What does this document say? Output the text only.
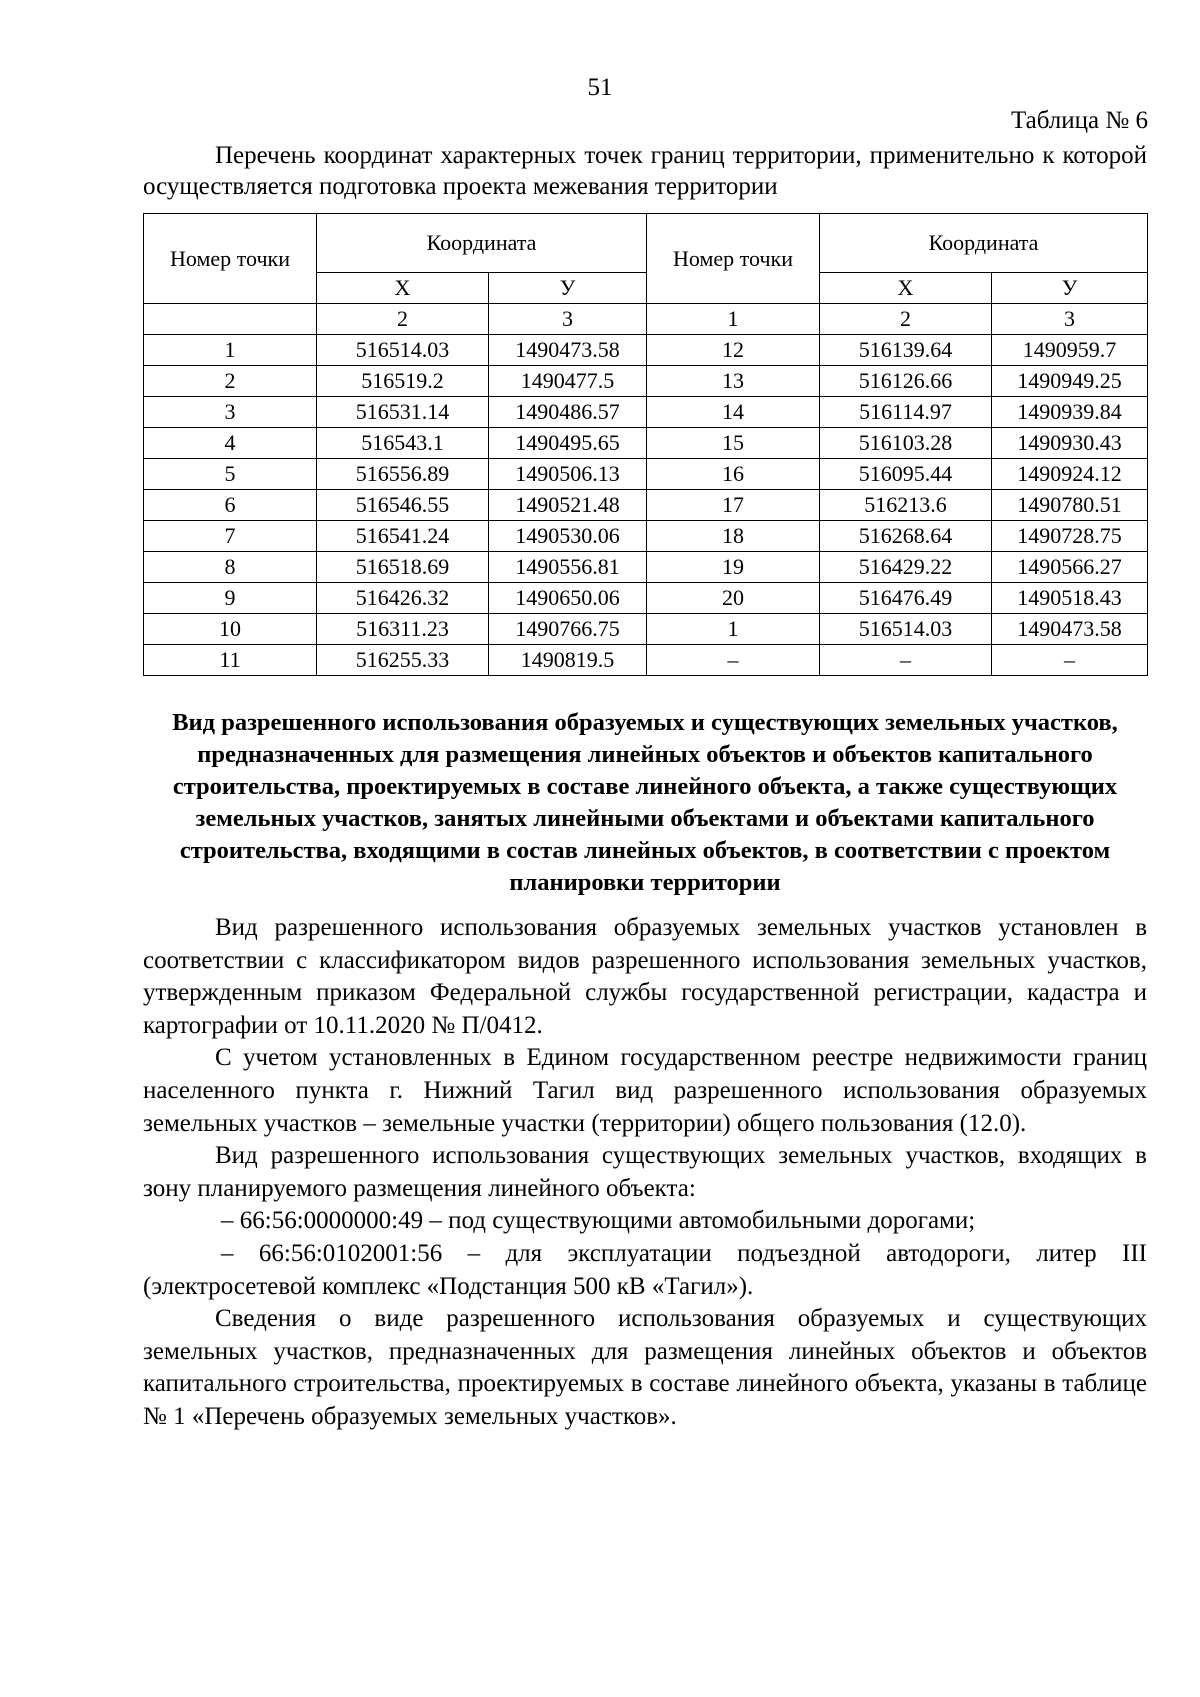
51
Таблица № 6
Перечень координат характерных точек границ территории, применительно к которой осуществляется подготовка проекта межевания территории
Номер точки	Координата		Номер точки	Координата	
	Х	У		Х	У
	2	3	1	2	3
1	516514.03	1490473.58	12	516139.64	1490959.7
2	516519.2	1490477.5	13	516126.66	1490949.25
3	516531.14	1490486.57	14	516114.97	1490939.84
4	516543.1	1490495.65	15	516103.28	1490930.43
5	516556.89	1490506.13	16	516095.44	1490924.12
6	516546.55	1490521.48	17	516213.6	1490780.51
7	516541.24	1490530.06	18	516268.64	1490728.75
8	516518.69	1490556.81	19	516429.22	1490566.27
9	516426.32	1490650.06	20	516476.49	1490518.43
10	516311.23	1490766.75	1	516514.03	1490473.58
11	516255.33	1490819.5	–	–	–
Вид разрешенного использования образуемых и существующих земельных участков, предназначенных для размещения линейных объектов и объектов капитального строительства, проектируемых в составе линейного объекта, а также существующих земельных участков, занятых линейными объектами и объектами капитального строительства, входящими в состав линейных объектов, в соответствии с проектом планировки территории

Вид разрешенного использования образуемых земельных участков установлен в соответствии с классификатором видов разрешенного использования земельных участков, утвержденным приказом Федеральной службы государственной регистрации, кадастра и картографии от 10.11.2020 № П/0412.

С учетом установленных в Едином государственном реестре недвижимости границ населенного пункта г. Нижний Тагил вид разрешенного использования образуемых земельных участков – земельные участки (территории) общего пользования (12.0).

Вид разрешенного использования существующих земельных участков, входящих в зону планируемого размещения линейного объекта:

– 66:56:0000000:49 – под существующими автомобильными дорогами;

– 66:56:0102001:56 – для эксплуатации подъездной автодороги, литер III (электросетевой комплекс «Подстанция 500 кВ «Тагил»).

Сведения о виде разрешенного использования образуемых и существующих земельных участков, предназначенных для размещения линейных объектов и объектов капитального строительства, проектируемых в составе линейного объекта, указаны в таблице № 1 «Перечень образуемых земельных участков».
